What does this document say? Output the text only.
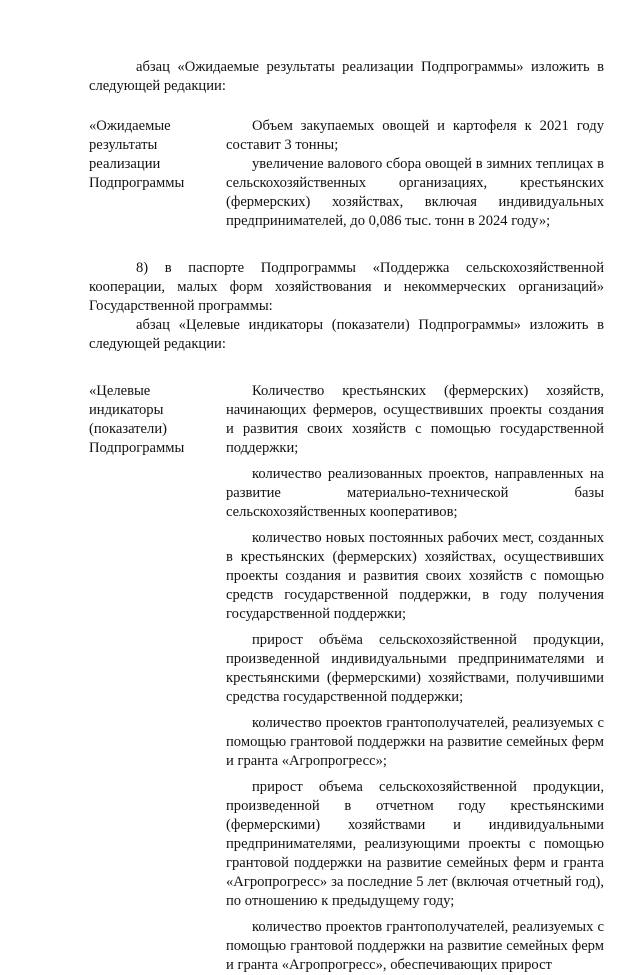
абзац «Ожидаемые результаты реализации Подпрограммы» изложить в следующей редакции:

«Ожидаемые
результаты
реализации
Подпрограммы

Объем закупаемых овощей и картофеля к 2021 году составит 3 тонны;

увеличение валового сбора овощей в зимних теплицах в сельскохозяйственных организациях, крестьянских (фермерских) хозяйствах, включая индивидуальных предпринимателей, до 0,086 тыс. тонн в 2024 году»;

8) в паспорте Подпрограммы «Поддержка сельскохозяйственной кооперации, малых форм хозяйствования и некоммерческих организаций» Государственной программы:

абзац «Целевые индикаторы (показатели) Подпрограммы» изложить в следующей редакции:

«Целевые
индикаторы
(показатели)
Подпрограммы

Количество крестьянских (фермерских) хозяйств, начинающих фермеров, осуществивших проекты создания и развития своих хозяйств с помощью государственной поддержки;

количество реализованных проектов, направленных на развитие материально-технической базы сельскохозяйственных кооперативов;

количество новых постоянных рабочих мест, созданных в крестьянских (фермерских) хозяйствах, осуществивших проекты создания и развития своих хозяйств с помощью средств государственной поддержки, в году получения государственной поддержки;

прирост объёма сельскохозяйственной продукции, произведенной индивидуальными предпринимателями и крестьянскими (фермерскими) хозяйствами, получившими средства государственной поддержки;

количество проектов грантополучателей, реализуемых с помощью грантовой поддержки на развитие семейных ферм и гранта «Агропрогресс»;

прирост объема сельскохозяйственной продукции, произведенной в отчетном году крестьянскими (фермерскими) хозяйствами и индивидуальными предпринимателями, реализующими проекты с помощью грантовой поддержки на развитие семейных ферм и гранта «Агропрогресс» за последние 5 лет (включая отчетный год), по отношению к предыдущему году;

количество проектов грантополучателей, реализуемых с помощью грантовой поддержки на развитие семейных ферм и гранта «Агропрогресс», обеспечивающих прирост
